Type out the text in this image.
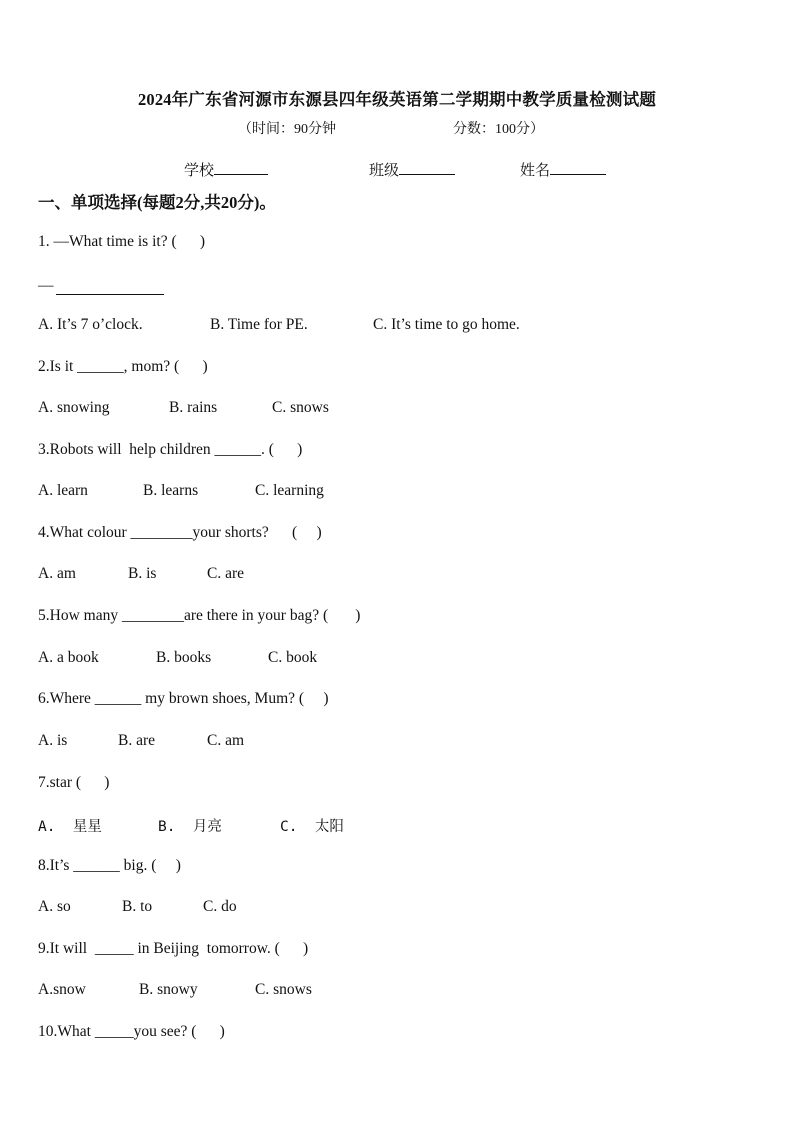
2024年广东省河源市东源县四年级英语第二学期期中教学质量检测试题
（时间：90分钟	分数：100分）
学校	班级	姓名
一、单项选择(每题2分,共20分)。
1. —What time is it? (      )
—
A. It’s 7 o’clock.	B. Time for PE.	C. It’s time to go home.
2.Is it ______, mom? (      )
A. snowing	B. rains	C. snows
3.Robots will  help children ______. (      )
A. learn	B. learns	C. learning
4.What colour ________your shorts?      (     )
A. am	B. is	C. are
5.How many ________are there in your bag? (       )
A. a book	B. books	C. book
6.Where ______ my brown shoes, Mum? (     )
A. is	B. are	C. am
7.star (      )
A.  星星	B.  月亮	C.  太阳
8.It’s ______ big. (     )
A. so	B. to	C. do
9.It will  _____ in Beijing  tomorrow. (      )
A.snow	B. snowy	C. snows
10.What _____you see? (      )
